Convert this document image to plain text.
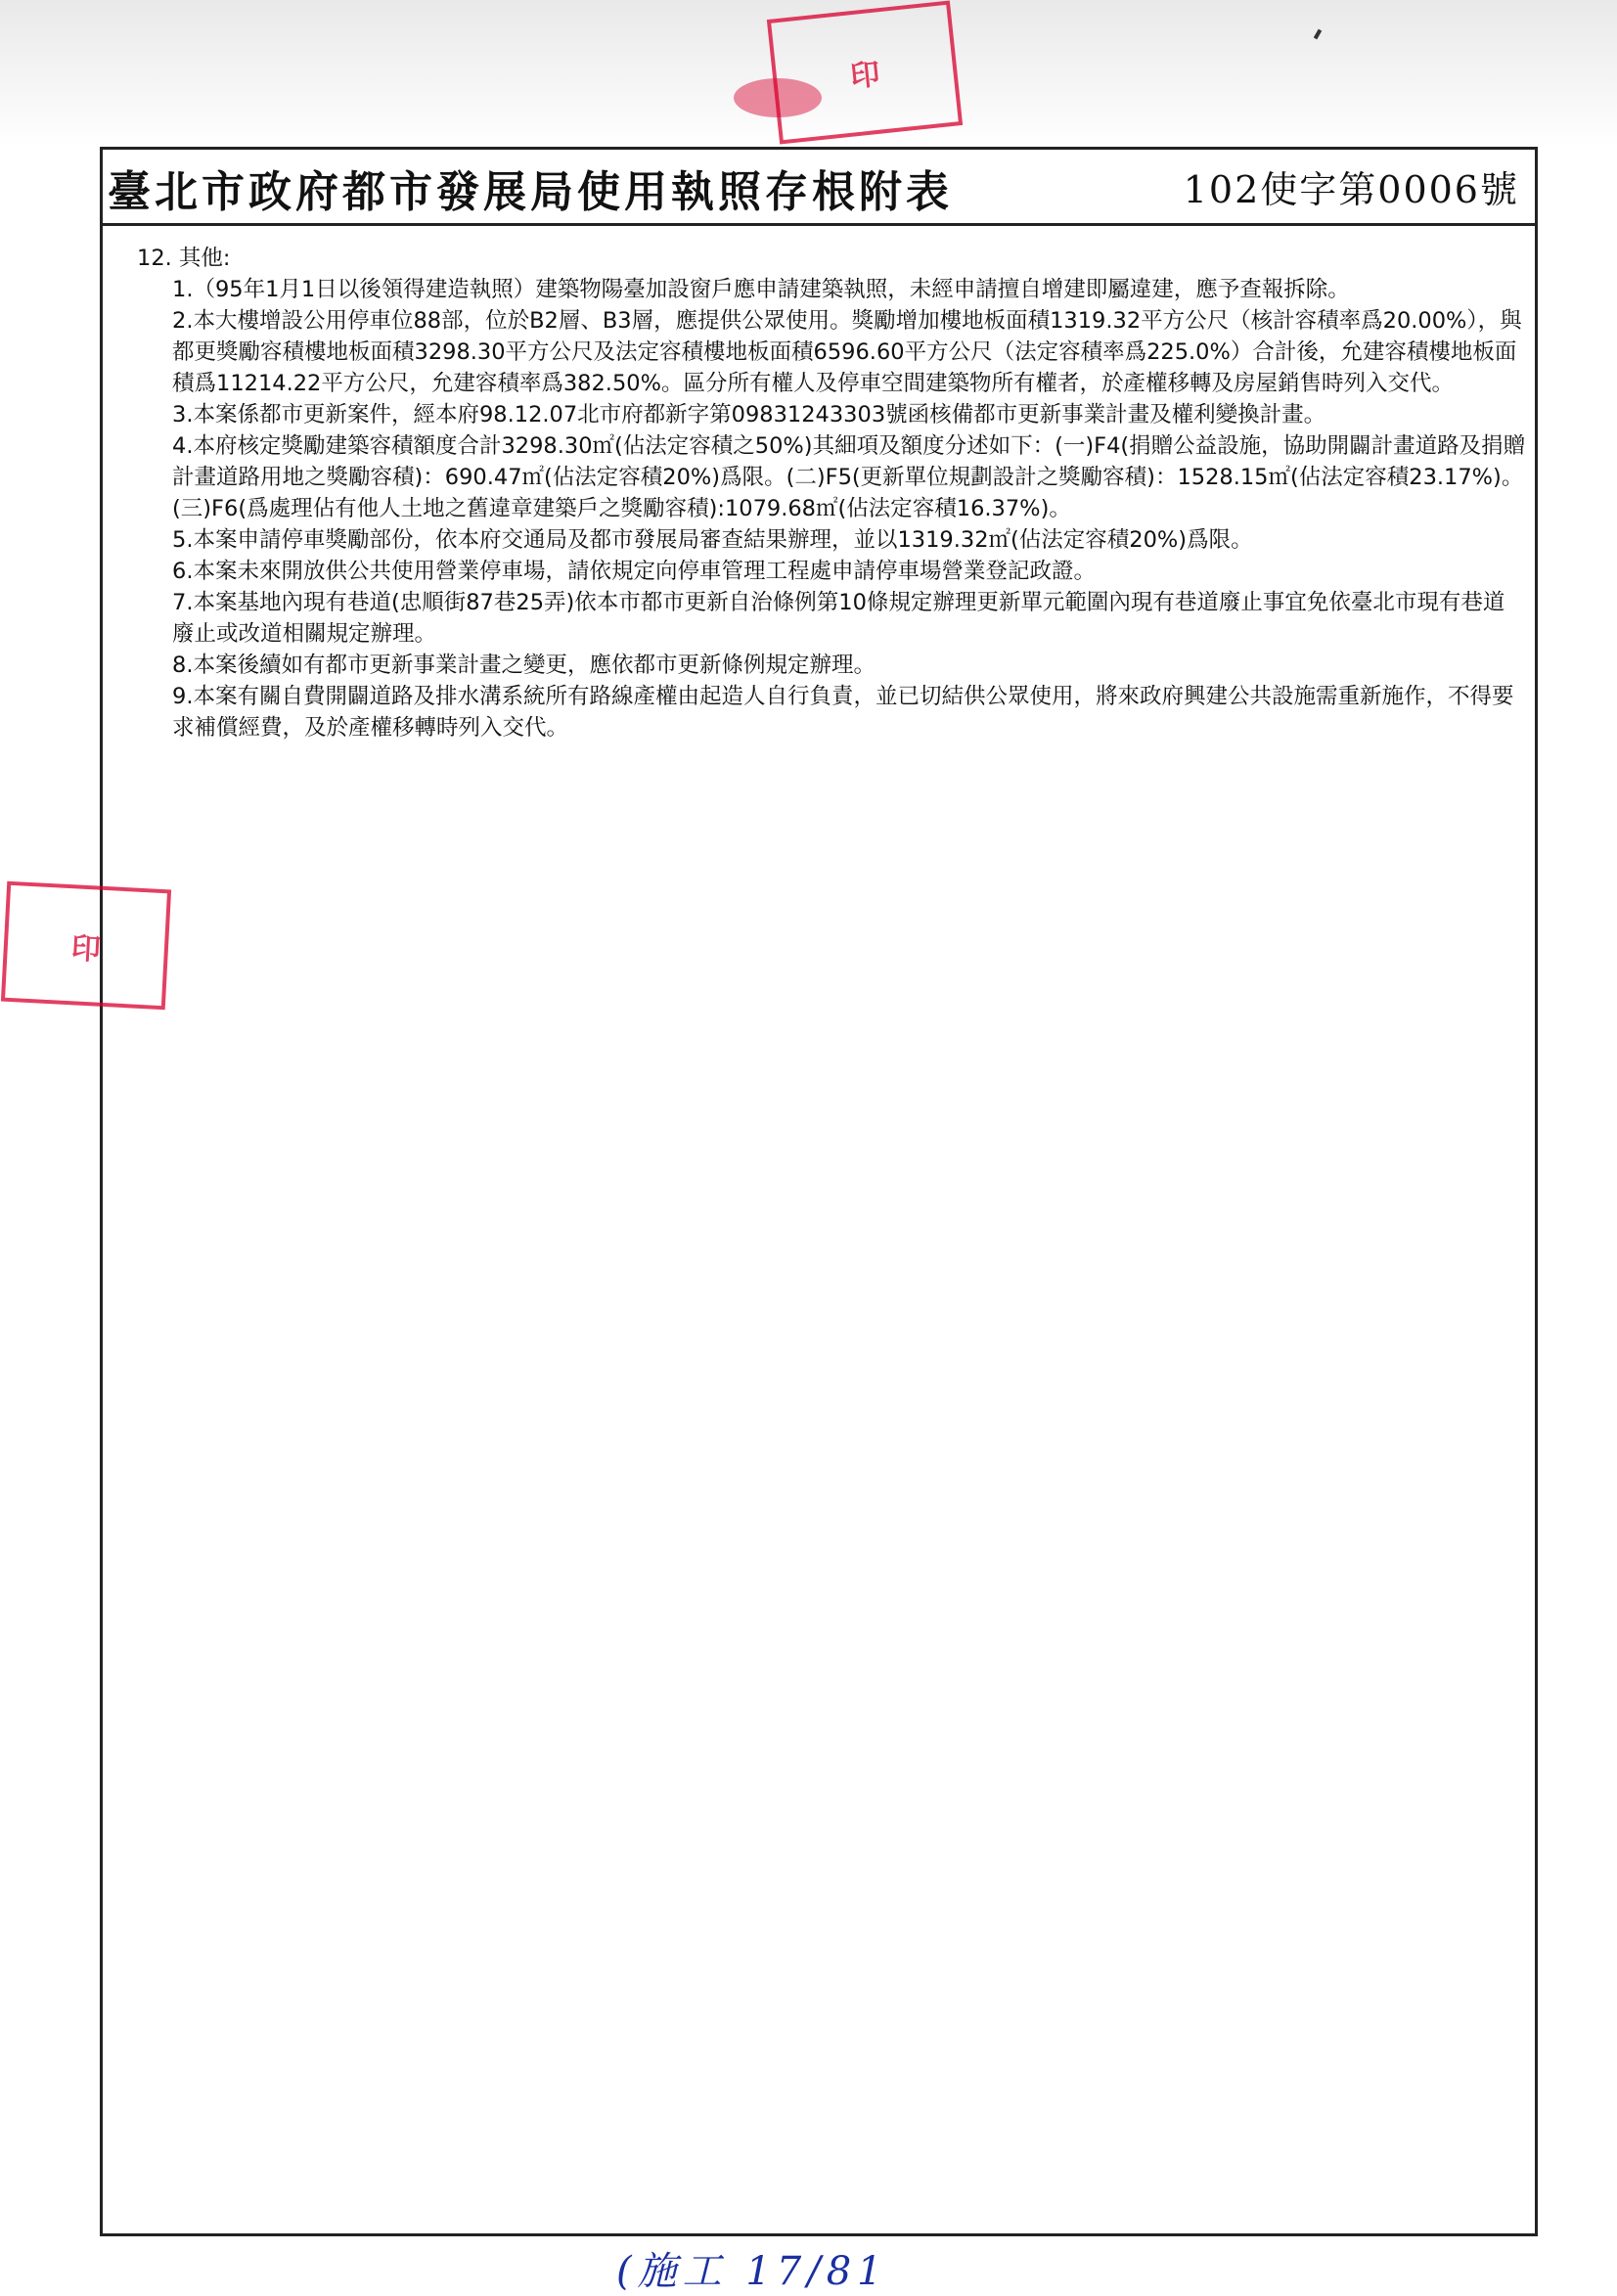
臺北市政府都市發展局使用執照存根附表	102使字第0006號

12. 其他:

1.（95年1月1日以後領得建造執照）建築物陽臺加設窗戶應申請建築執照，未經申請擅自增建即屬違建，應予查報拆除。

2.本大樓增設公用停車位88部，位於B2層、B3層，應提供公眾使用。獎勵增加樓地板面積1319.32平方公尺（核計容積率爲20.00%），與都更獎勵容積樓地板面積3298.30平方公尺及法定容積樓地板面積6596.60平方公尺（法定容積率爲225.0%）合計後，允建容積樓地板面積爲11214.22平方公尺，允建容積率爲382.50%。區分所有權人及停車空間建築物所有權者，於產權移轉及房屋銷售時列入交代。

3.本案係都市更新案件，經本府98.12.07北市府都新字第09831243303號函核備都市更新事業計畫及權利變換計畫。

4.本府核定獎勵建築容積額度合計3298.30㎡(佔法定容積之50%)其細項及額度分述如下：(一)F4(捐贈公益設施，協助開闢計畫道路及捐贈計畫道路用地之獎勵容積)：690.47㎡(佔法定容積20%)爲限。(二)F5(更新單位規劃設計之獎勵容積)：1528.15㎡(佔法定容積23.17%)。(三)F6(爲處理佔有他人土地之舊違章建築戶之獎勵容積):1079.68㎡(佔法定容積16.37%)。

5.本案申請停車獎勵部份，依本府交通局及都市發展局審查結果辦理，並以1319.32㎡(佔法定容積20%)爲限。

6.本案未來開放供公共使用營業停車場，請依規定向停車管理工程處申請停車場營業登記政證。

7.本案基地內現有巷道(忠順街87巷25弄)依本市都市更新自治條例第10條規定辦理更新單元範圍內現有巷道廢止事宜免依臺北市現有巷道廢止或改道相關規定辦理。

8.本案後續如有都市更新事業計畫之變更，應依都市更新條例規定辦理。

9.本案有關自費開闢道路及排水溝系統所有路線產權由起造人自行負責，並已切結供公眾使用，將來政府興建公共設施需重新施作，不得要求補償經費，及於產權移轉時列入交代。

印
印
(施工 17/81
